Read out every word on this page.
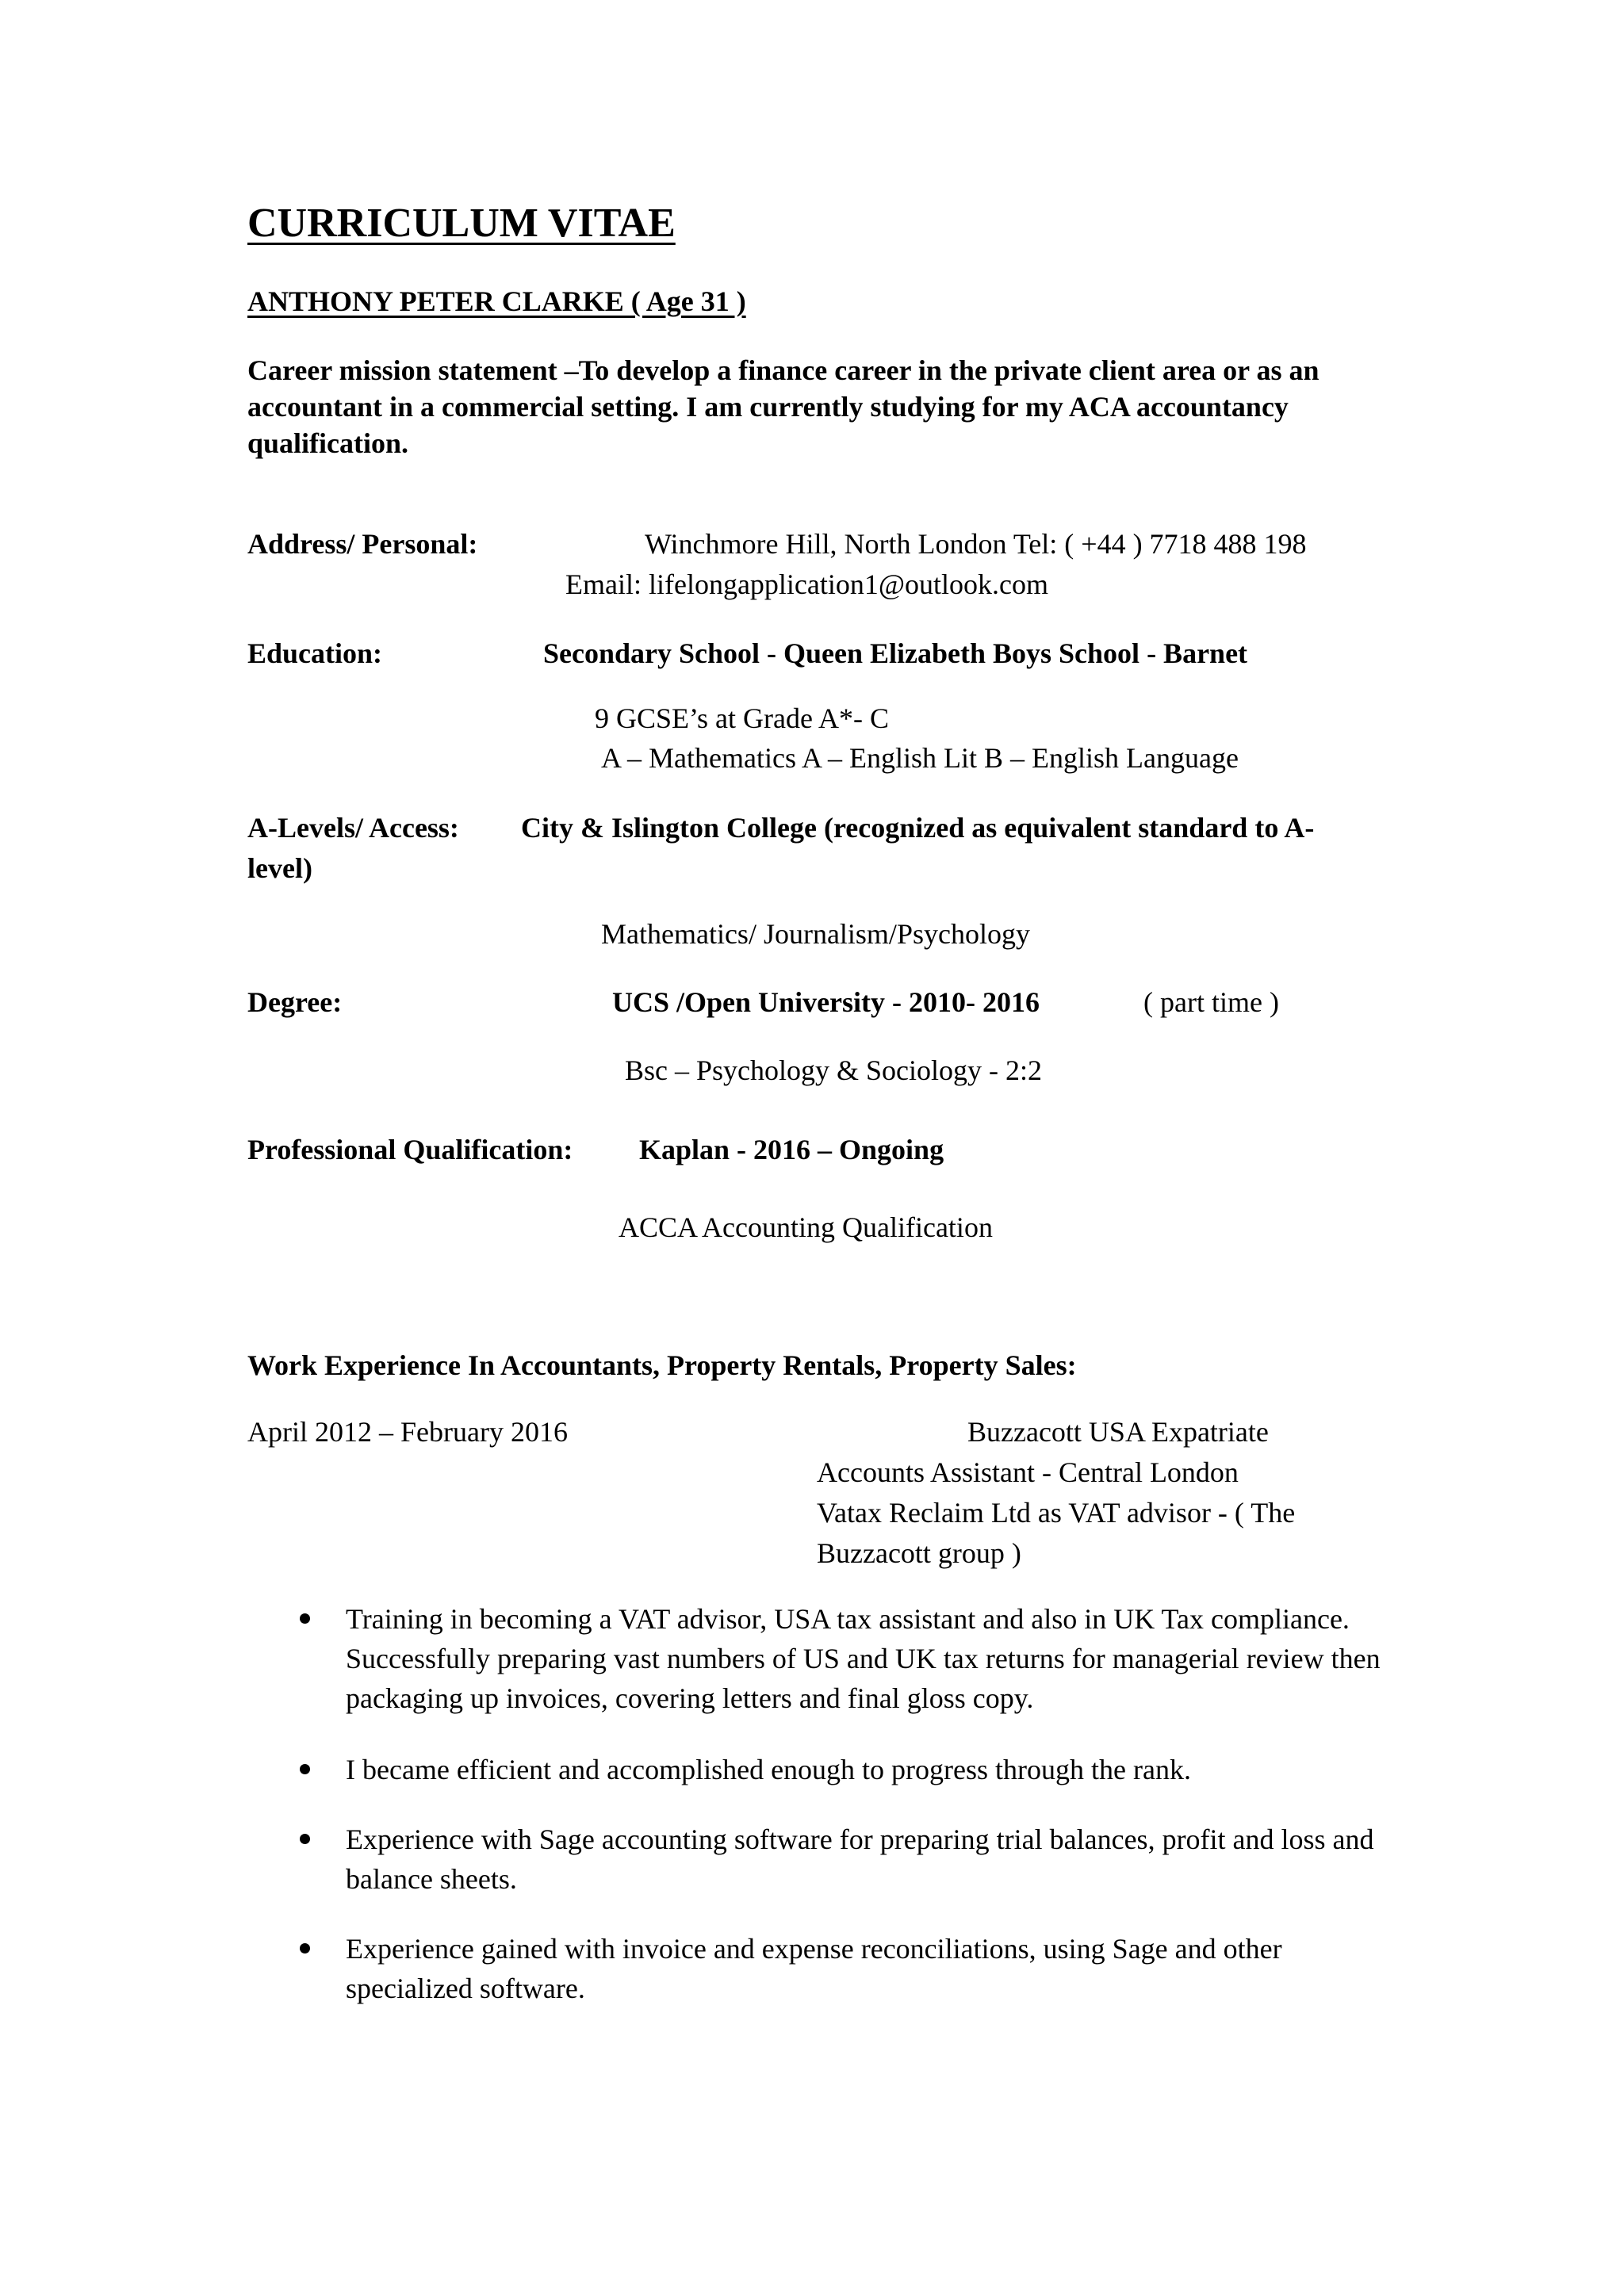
CURRICULUM VITAE
ANTHONY PETER CLARKE ( Age 31 )
Career mission statement –To develop a finance career in the private client area or as an accountant in a commercial setting. I am currently studying for my ACA accountancy qualification.
Address/ Personal:	Winchmore Hill, North London Tel: ( +44 ) 7718 488 198
Email: lifelongapplication1@outlook.com
Education:	Secondary School - Queen Elizabeth Boys School - Barnet
9 GCSE’s at Grade A*- C
A – Mathematics A – English Lit B – English Language
A-Levels/ Access: City & Islington College (recognized as equivalent standard to A-
level)
Mathematics/ Journalism/Psychology
Degree:	UCS /Open University - 2010- 2016	( part time )
Bsc – Psychology & Sociology - 2:2
Professional Qualification: Kaplan - 2016 – Ongoing
ACCA Accounting Qualification
Work Experience In Accountants, Property Rentals, Property Sales:
April 2012 – February 2016	Buzzacott USA Expatriate
Accounts Assistant - Central London
Vatax Reclaim Ltd as VAT advisor - ( The
Buzzacott group )
Training in becoming a VAT advisor, USA tax assistant and also in UK Tax compliance. Successfully preparing vast numbers of US and UK tax returns for managerial review then packaging up invoices, covering letters and final gloss copy.
I became efficient and accomplished enough to progress through the rank.
Experience with Sage accounting software for preparing trial balances, profit and loss and balance sheets.
Experience gained with invoice and expense reconciliations, using Sage and other specialized software.
